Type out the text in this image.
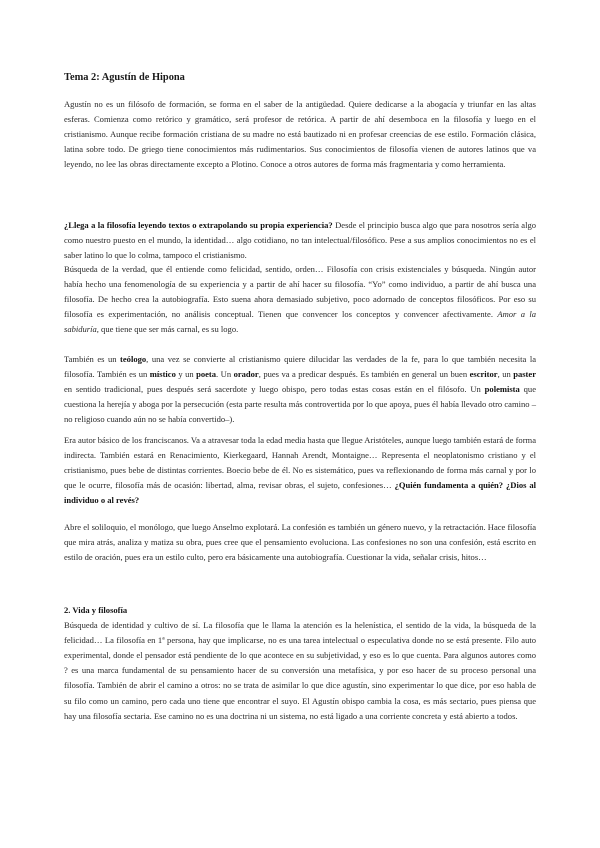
Tema 2: Agustín de Hipona

Agustín no es un filósofo de formación, se forma en el saber de la antigüedad. Quiere dedicarse a la abogacía y triunfar en las altas esferas. Comienza como retórico y gramático, será profesor de retórica. A partir de ahí desemboca en la filosofía y luego en el cristianismo. Aunque recibe formación cristiana de su madre no está bautizado ni en profesar creencias de ese estilo. Formación clásica, latina sobre todo. De griego tiene conocimientos más rudimentarios. Sus conocimientos de filosofía vienen de autores latinos que va leyendo, no lee las obras directamente excepto a Plotino. Conoce a otros autores de forma más fragmentaria y como herramienta.

¿Llega a la filosofía leyendo textos o extrapolando su propia experiencia? Desde el principio busca algo que para nosotros sería algo como nuestro puesto en el mundo, la identidad… algo cotidiano, no tan intelectual/filosófico. Pese a sus amplios conocimientos no es el saber latino lo que lo colma, tampoco el cristianismo.

Búsqueda de la verdad, que él entiende como felicidad, sentido, orden… Filosofía con crisis existenciales y búsqueda. Ningún autor había hecho una fenomenología de su experiencia y a partir de ahí hacer su filosofía. “Yo” como individuo, a partir de ahí busca una filosofía. De hecho crea la autobiografía. Esto suena ahora demasiado subjetivo, poco adornado de conceptos filosóficos. Por eso su filosofía es experimentación, no análisis conceptual. Tienen que convencer los conceptos y convencer afectivamente. Amor a la sabiduría, que tiene que ser más carnal, es su logo.

También es un teólogo, una vez se convierte al cristianismo quiere dilucidar las verdades de la fe, para lo que también necesita la filosofía. También es un místico y un poeta. Un orador, pues va a predicar después. Es también en general un buen escritor, un paster en sentido tradicional, pues después será sacerdote y luego obispo, pero todas estas cosas están en el filósofo. Un polemista que cuestiona la herejía y aboga por la persecución (esta parte resulta más controvertida por lo que apoya, pues él había llevado otro camino –no religioso cuando aún no se había convertido–).

Era autor básico de los franciscanos. Va a atravesar toda la edad media hasta que llegue Aristóteles, aunque luego también estará de forma indirecta. También estará en Renacimiento, Kierkegaard, Hannah Arendt, Montaigne… Representa el neoplatonismo cristiano y el cristianismo, pues bebe de distintas corrientes. Boecio bebe de él. No es sistemático, pues va reflexionando de forma más carnal y por lo que le ocurre, filosofía más de ocasión: libertad, alma, revisar obras, el sujeto, confesiones… ¿Quién fundamenta a quién? ¿Dios al individuo o al revés?

Abre el soliloquio, el monólogo, que luego Anselmo explotará. La confesión es también un género nuevo, y la retractación. Hace filosofía que mira atrás, analiza y matiza su obra, pues cree que el pensamiento evoluciona. Las confesiones no son una confesión, está escrito en estilo de oración, pues era un estilo culto, pero era básicamente una autobiografía. Cuestionar la vida, señalar crisis, hitos…

2. Vida y filosofía
Búsqueda de identidad y cultivo de sí. La filosofía que le llama la atención es la helenística, el sentido de la vida, la búsqueda de la felicidad… La filosofía en 1ª persona, hay que implicarse, no es una tarea intelectual o especulativa donde no se está presente. Filo auto experimental, donde el pensador está pendiente de lo que acontece en su subjetividad, y eso es lo que cuenta. Para algunos autores como ? es una marca fundamental de su pensamiento hacer de su conversión una metafísica, y por eso hacer de su proceso personal una filosofía. También de abrir el camino a otros: no se trata de asimilar lo que dice agustín, sino experimentar lo que dice, por eso habla de su filo como un camino, pero cada uno tiene que encontrar el suyo. El Agustín obispo cambia la cosa, es más sectario, pues piensa que hay una filosofía sectaria. Ese camino no es una doctrina ni un sistema, no está ligado a una corriente concreta y está abierto a todos.
